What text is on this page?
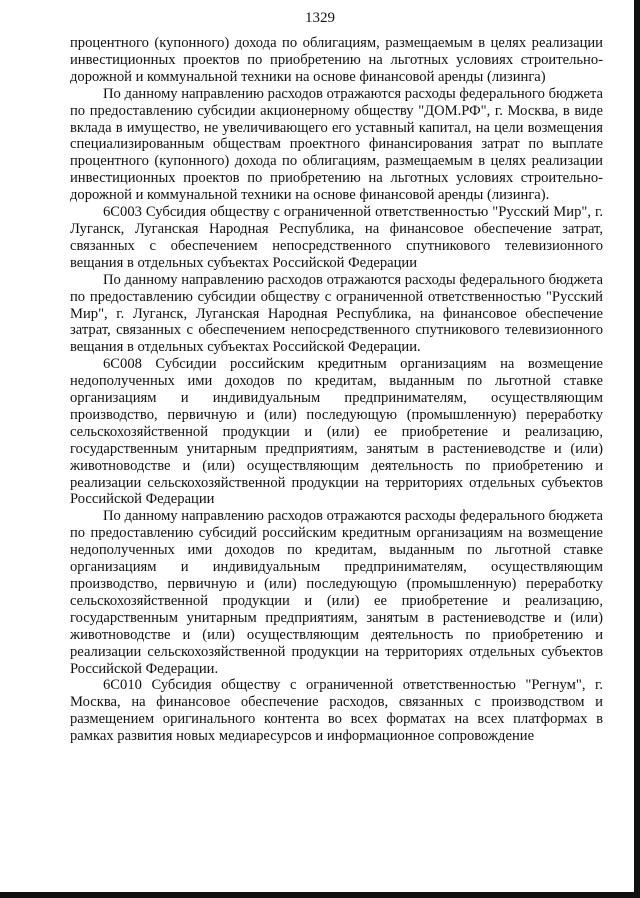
1329

процентного (купонного) дохода по облигациям, размещаемым в целях реализации инвестиционных проектов по приобретению на льготных условиях строительно-дорожной и коммунальной техники на основе финансовой аренды (лизинга)

По данному направлению расходов отражаются расходы федерального бюджета по предоставлению субсидии акционерному обществу "ДОМ.РФ", г. Москва, в виде вклада в имущество, не увеличивающего его уставный капитал, на цели возмещения специализированным обществам проектного финансирования затрат по выплате процентного (купонного) дохода по облигациям, размещаемым в целях реализации инвестиционных проектов по приобретению на льготных условиях строительно-дорожной и коммунальной техники на основе финансовой аренды (лизинга).

6С003 Субсидия обществу с ограниченной ответственностью "Русский Мир", г. Луганск, Луганская Народная Республика, на финансовое обеспечение затрат, связанных с обеспечением непосредственного спутникового телевизионного вещания в отдельных субъектах Российской Федерации

По данному направлению расходов отражаются расходы федерального бюджета по предоставлению субсидии обществу с ограниченной ответственностью "Русский Мир", г. Луганск, Луганская Народная Республика, на финансовое обеспечение затрат, связанных с обеспечением непосредственного спутникового телевизионного вещания в отдельных субъектах Российской Федерации.

6С008 Субсидии российским кредитным организациям на возмещение недополученных ими доходов по кредитам, выданным по льготной ставке организациям и индивидуальным предпринимателям, осуществляющим производство, первичную и (или) последующую (промышленную) переработку сельскохозяйственной продукции и (или) ее приобретение и реализацию, государственным унитарным предприятиям, занятым в растениеводстве и (или) животноводстве и (или) осуществляющим деятельность по приобретению и реализации сельскохозяйственной продукции на территориях отдельных субъектов Российской Федерации

По данному направлению расходов отражаются расходы федерального бюджета по предоставлению субсидий российским кредитным организациям на возмещение недополученных ими доходов по кредитам, выданным по льготной ставке организациям и индивидуальным предпринимателям, осуществляющим производство, первичную и (или) последующую (промышленную) переработку сельскохозяйственной продукции и (или) ее приобретение и реализацию, государственным унитарным предприятиям, занятым в растениеводстве и (или) животноводстве и (или) осуществляющим деятельность по приобретению и реализации сельскохозяйственной продукции на территориях отдельных субъектов Российской Федерации.

6С010 Субсидия обществу с ограниченной ответственностью "Регнум", г. Москва, на финансовое обеспечение расходов, связанных с производством и размещением оригинального контента во всех форматах на всех платформах в рамках развития новых медиаресурсов и информационное сопровождение
